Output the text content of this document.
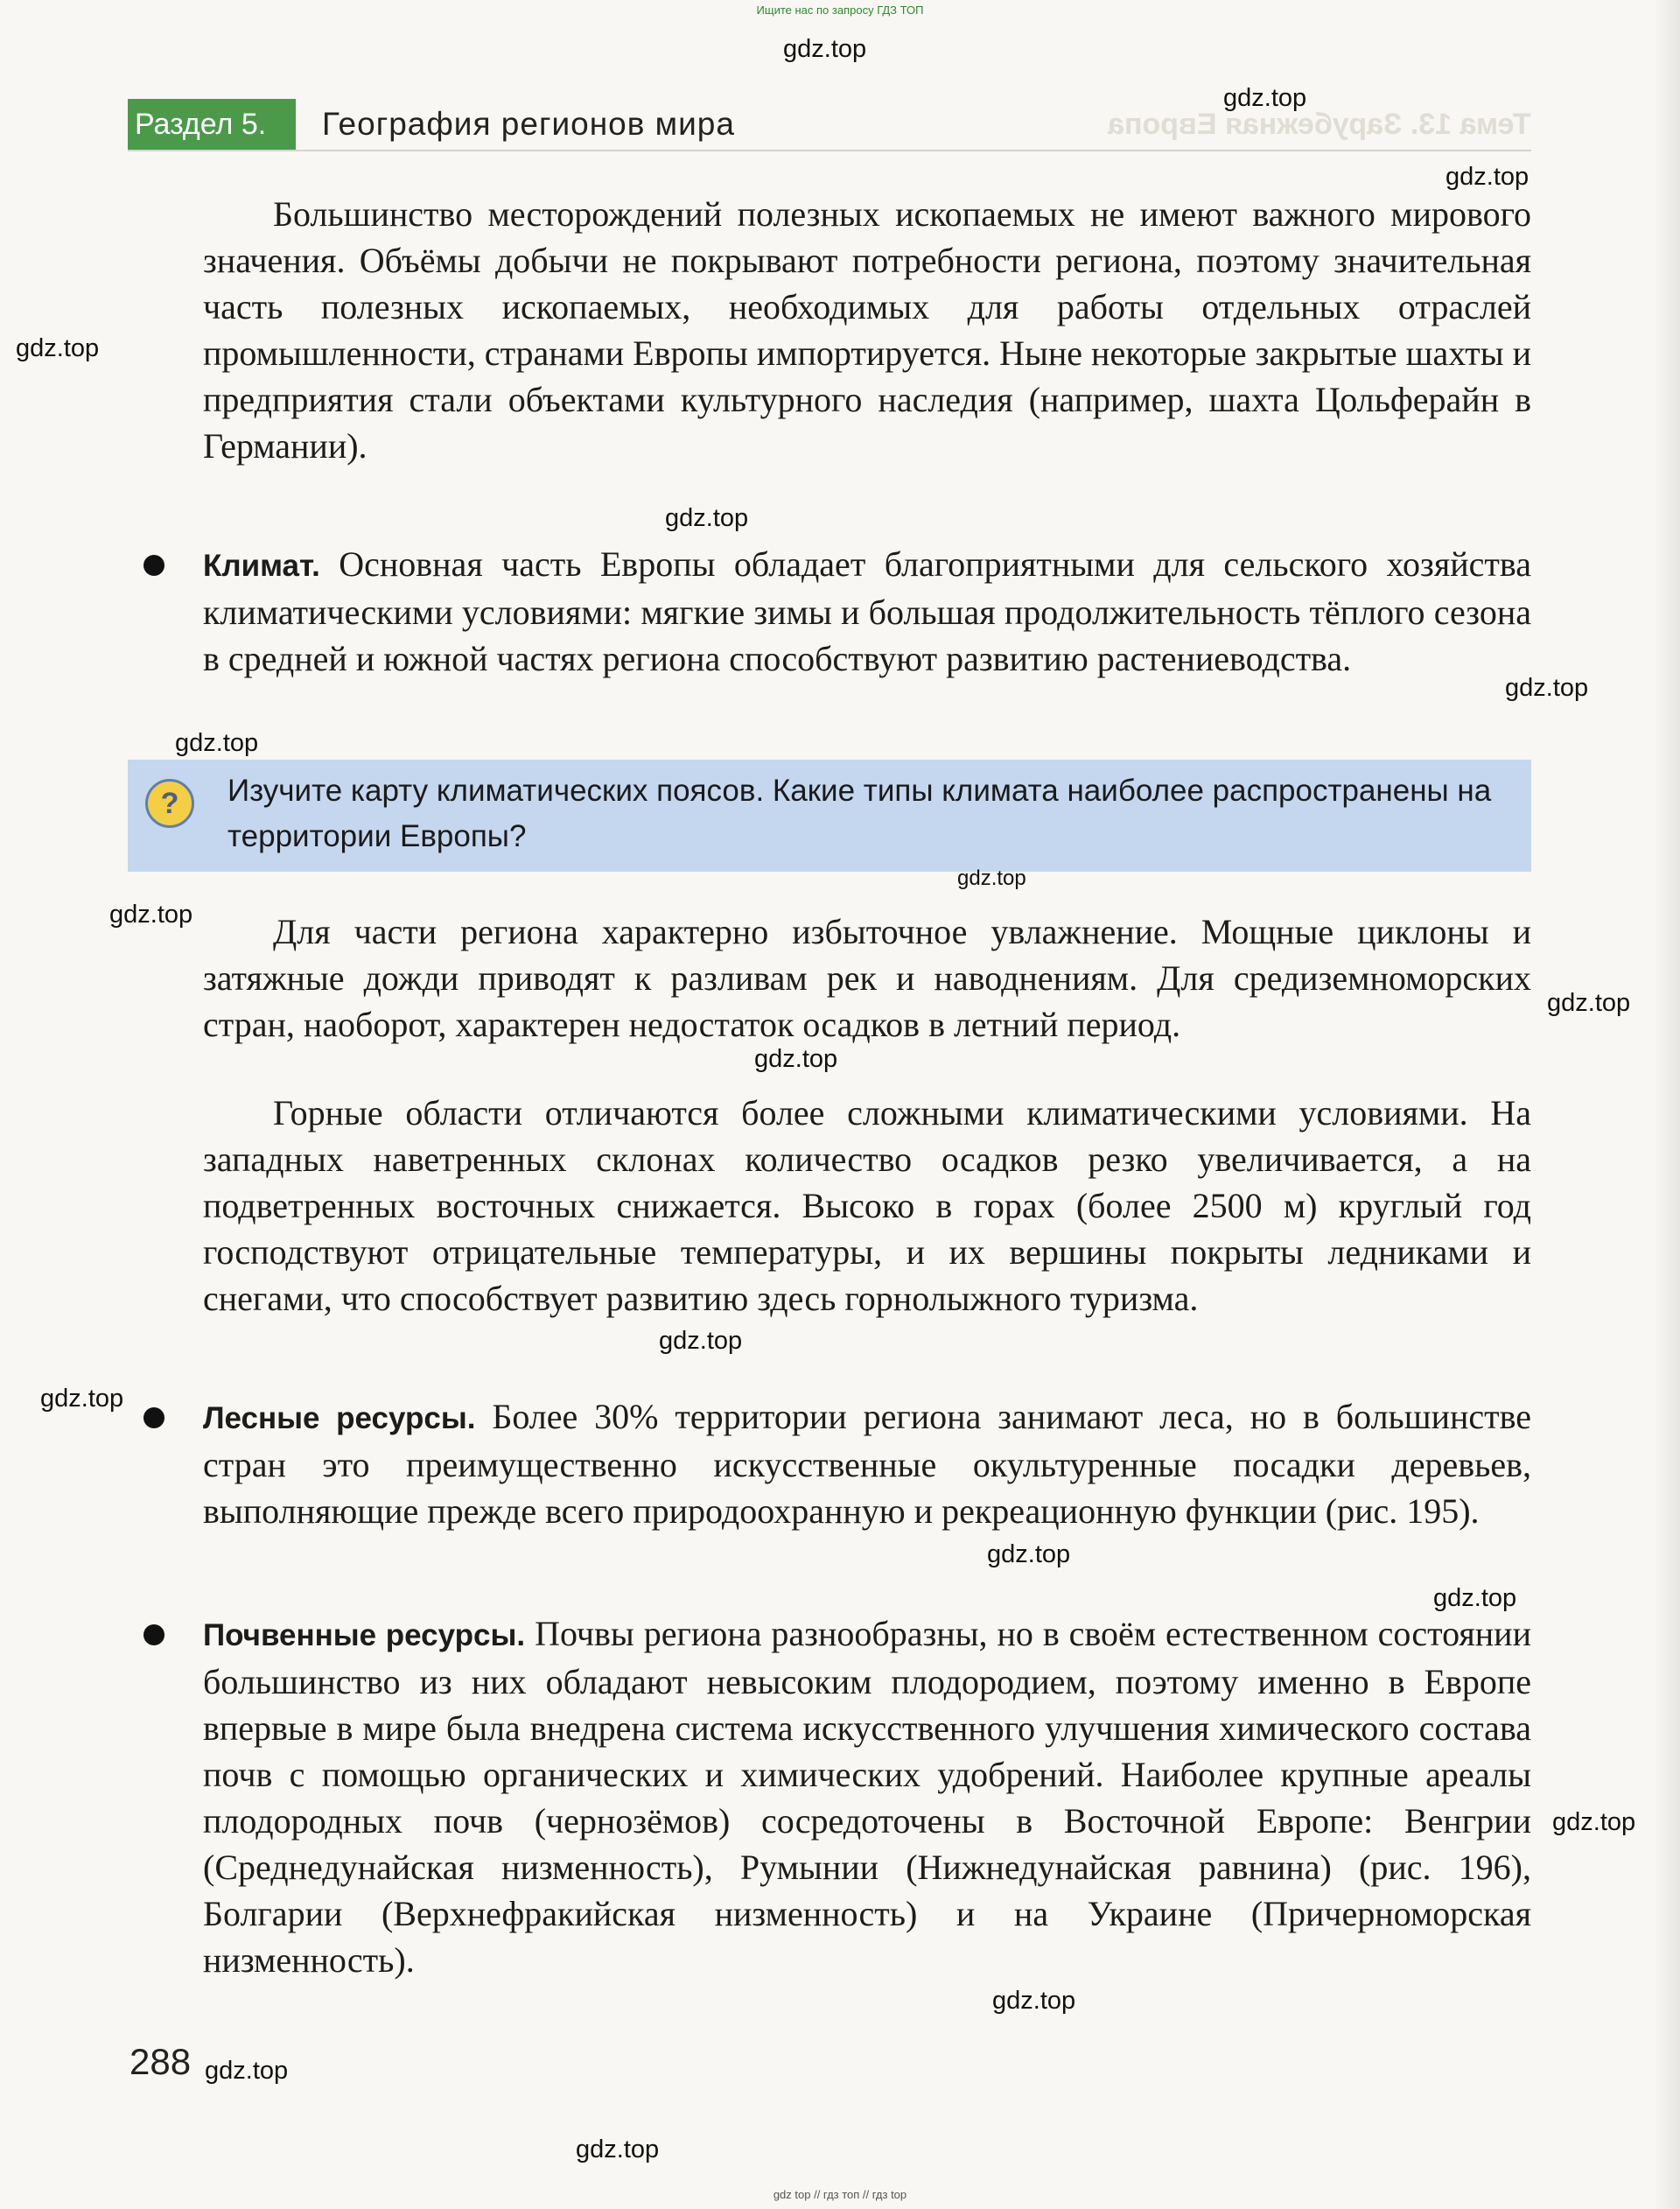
Ищите нас по запросу ГДЗ ТОП
Раздел 5.	География регионов мира	Тема 13. Зарубежная Европа

Большинство месторождений полезных ископаемых не имеют важного мирового значения. Объёмы добычи не покрывают потребности региона, поэтому значительная часть полезных ископаемых, необходимых для работы отдельных отраслей промышленности, странами Европы импортируется. Ныне некоторые закрытые шахты и предприятия стали объектами культурного наследия (например, шахта Цольферайн в Германии).

Климат. Основная часть Европы обладает благоприятными для сельского хозяйства климатическими условиями: мягкие зимы и большая продолжительность тёплого сезона в средней и южной частях региона способствуют развитию растениеводства.

?	Изучите карту климатических поясов. Какие типы климата наиболее распространены на территории Европы?

Для части региона характерно избыточное увлажнение. Мощные циклоны и затяжные дожди приводят к разливам рек и наводнениям. Для средиземноморских стран, наоборот, характерен недостаток осадков в летний период.

Горные области отличаются более сложными климатическими условиями. На западных наветренных склонах количество осадков резко увеличивается, а на подветренных восточных снижается. Высоко в горах (более 2500 м) круглый год господствуют отрицательные температуры, и их вершины покрыты ледниками и снегами, что способствует развитию здесь горнолыжного туризма.

Лесные ресурсы. Более 30% территории региона занимают леса, но в большинстве стран это преимущественно искусственные окультуренные посадки деревьев, выполняющие прежде всего природоохранную и рекреационную функции (рис. 195).

Почвенные ресурсы. Почвы региона разнообразны, но в своём естественном состоянии большинство из них обладают невысоким плодородием, поэтому именно в Европе впервые в мире была внедрена система искусственного улучшения химического состава почв с помощью органических и химических удобрений. Наиболее крупные ареалы плодородных почв (чернозёмов) сосредоточены в Восточной Европе: Венгрии (Среднедунайская низменность), Румынии (Нижнедунайская равнина) (рис. 196), Болгарии (Верхнефракийская низменность) и на Украине (Причерноморская низменность).

288
gdz.top
gdz.top
gdz.top
gdz.top
gdz.top
gdz.top
gdz.top
gdz.top
gdz.top
gdz.top
gdz.top
gdz.top
gdz.top
gdz.top
gdz.top
gdz.top
gdz.top
gdz.top
gdz.top
gdz top // гдз топ // гдз top
